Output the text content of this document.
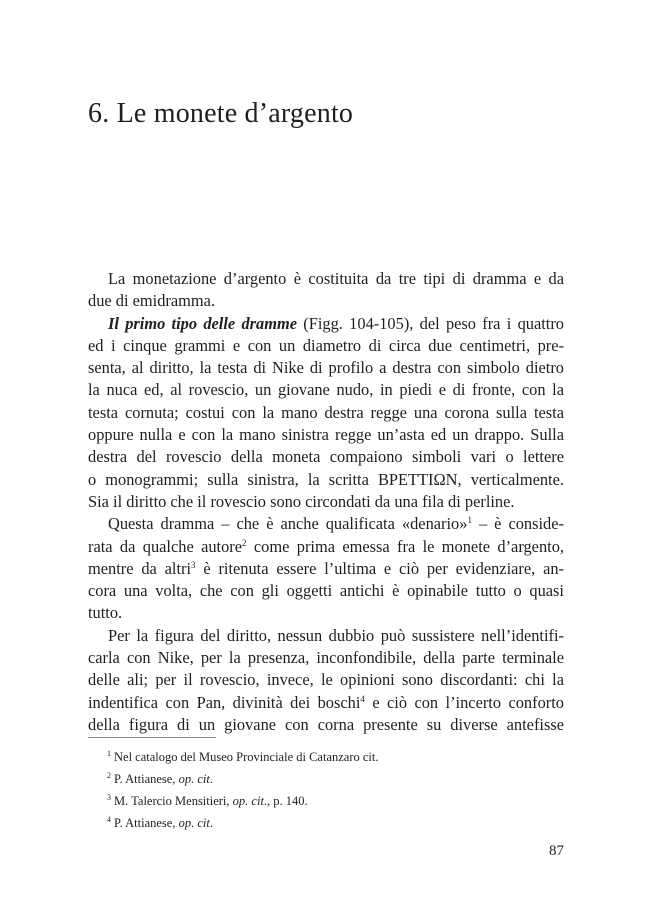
6. Le monete d’argento
La monetazione d’argento è costituita da tre tipi di dramma e da
due di emidramma.
Il primo tipo delle dramme (Figg. 104-105), del peso fra i quattro
ed i cinque grammi e con un diametro di circa due centimetri, pre-
senta, al diritto, la testa di Nike di profilo a destra con simbolo dietro
la nuca ed, al rovescio, un giovane nudo, in piedi e di fronte, con la
testa cornuta; costui con la mano destra regge una corona sulla testa
oppure nulla e con la mano sinistra regge un’asta ed un drappo. Sulla
destra del rovescio della moneta compaiono simboli vari o lettere
o monogrammi; sulla sinistra, la scritta ΒΡΕΤΤΙΩΝ, verticalmente.
Sia il diritto che il rovescio sono circondati da una fila di perline.
Questa dramma – che è anche qualificata «denario»$^1$ – è conside-
rata da qualche autore$^2$ come prima emessa fra le monete d’argento,
mentre da altri$^3$ è ritenuta essere l’ultima e ciò per evidenziare, an-
cora una volta, che con gli oggetti antichi è opinabile tutto o quasi
tutto.
Per la figura del diritto, nessun dubbio può sussistere nell’identifi-
carla con Nike, per la presenza, inconfondibile, della parte terminale
delle ali; per il rovescio, invece, le opinioni sono discordanti: chi la
indentifica con Pan, divinità dei boschi$^4$ e ciò con l’incerto conforto
della figura di un giovane con corna presente su diverse antefisse
$^1$ Nel catalogo del Museo Provinciale di Catanzaro cit.
$^2$ P. Attianese, op. cit.
$^3$ M. Talercio Mensitieri, op. cit., p. 140.
$^4$ P. Attianese, op. cit.
87
